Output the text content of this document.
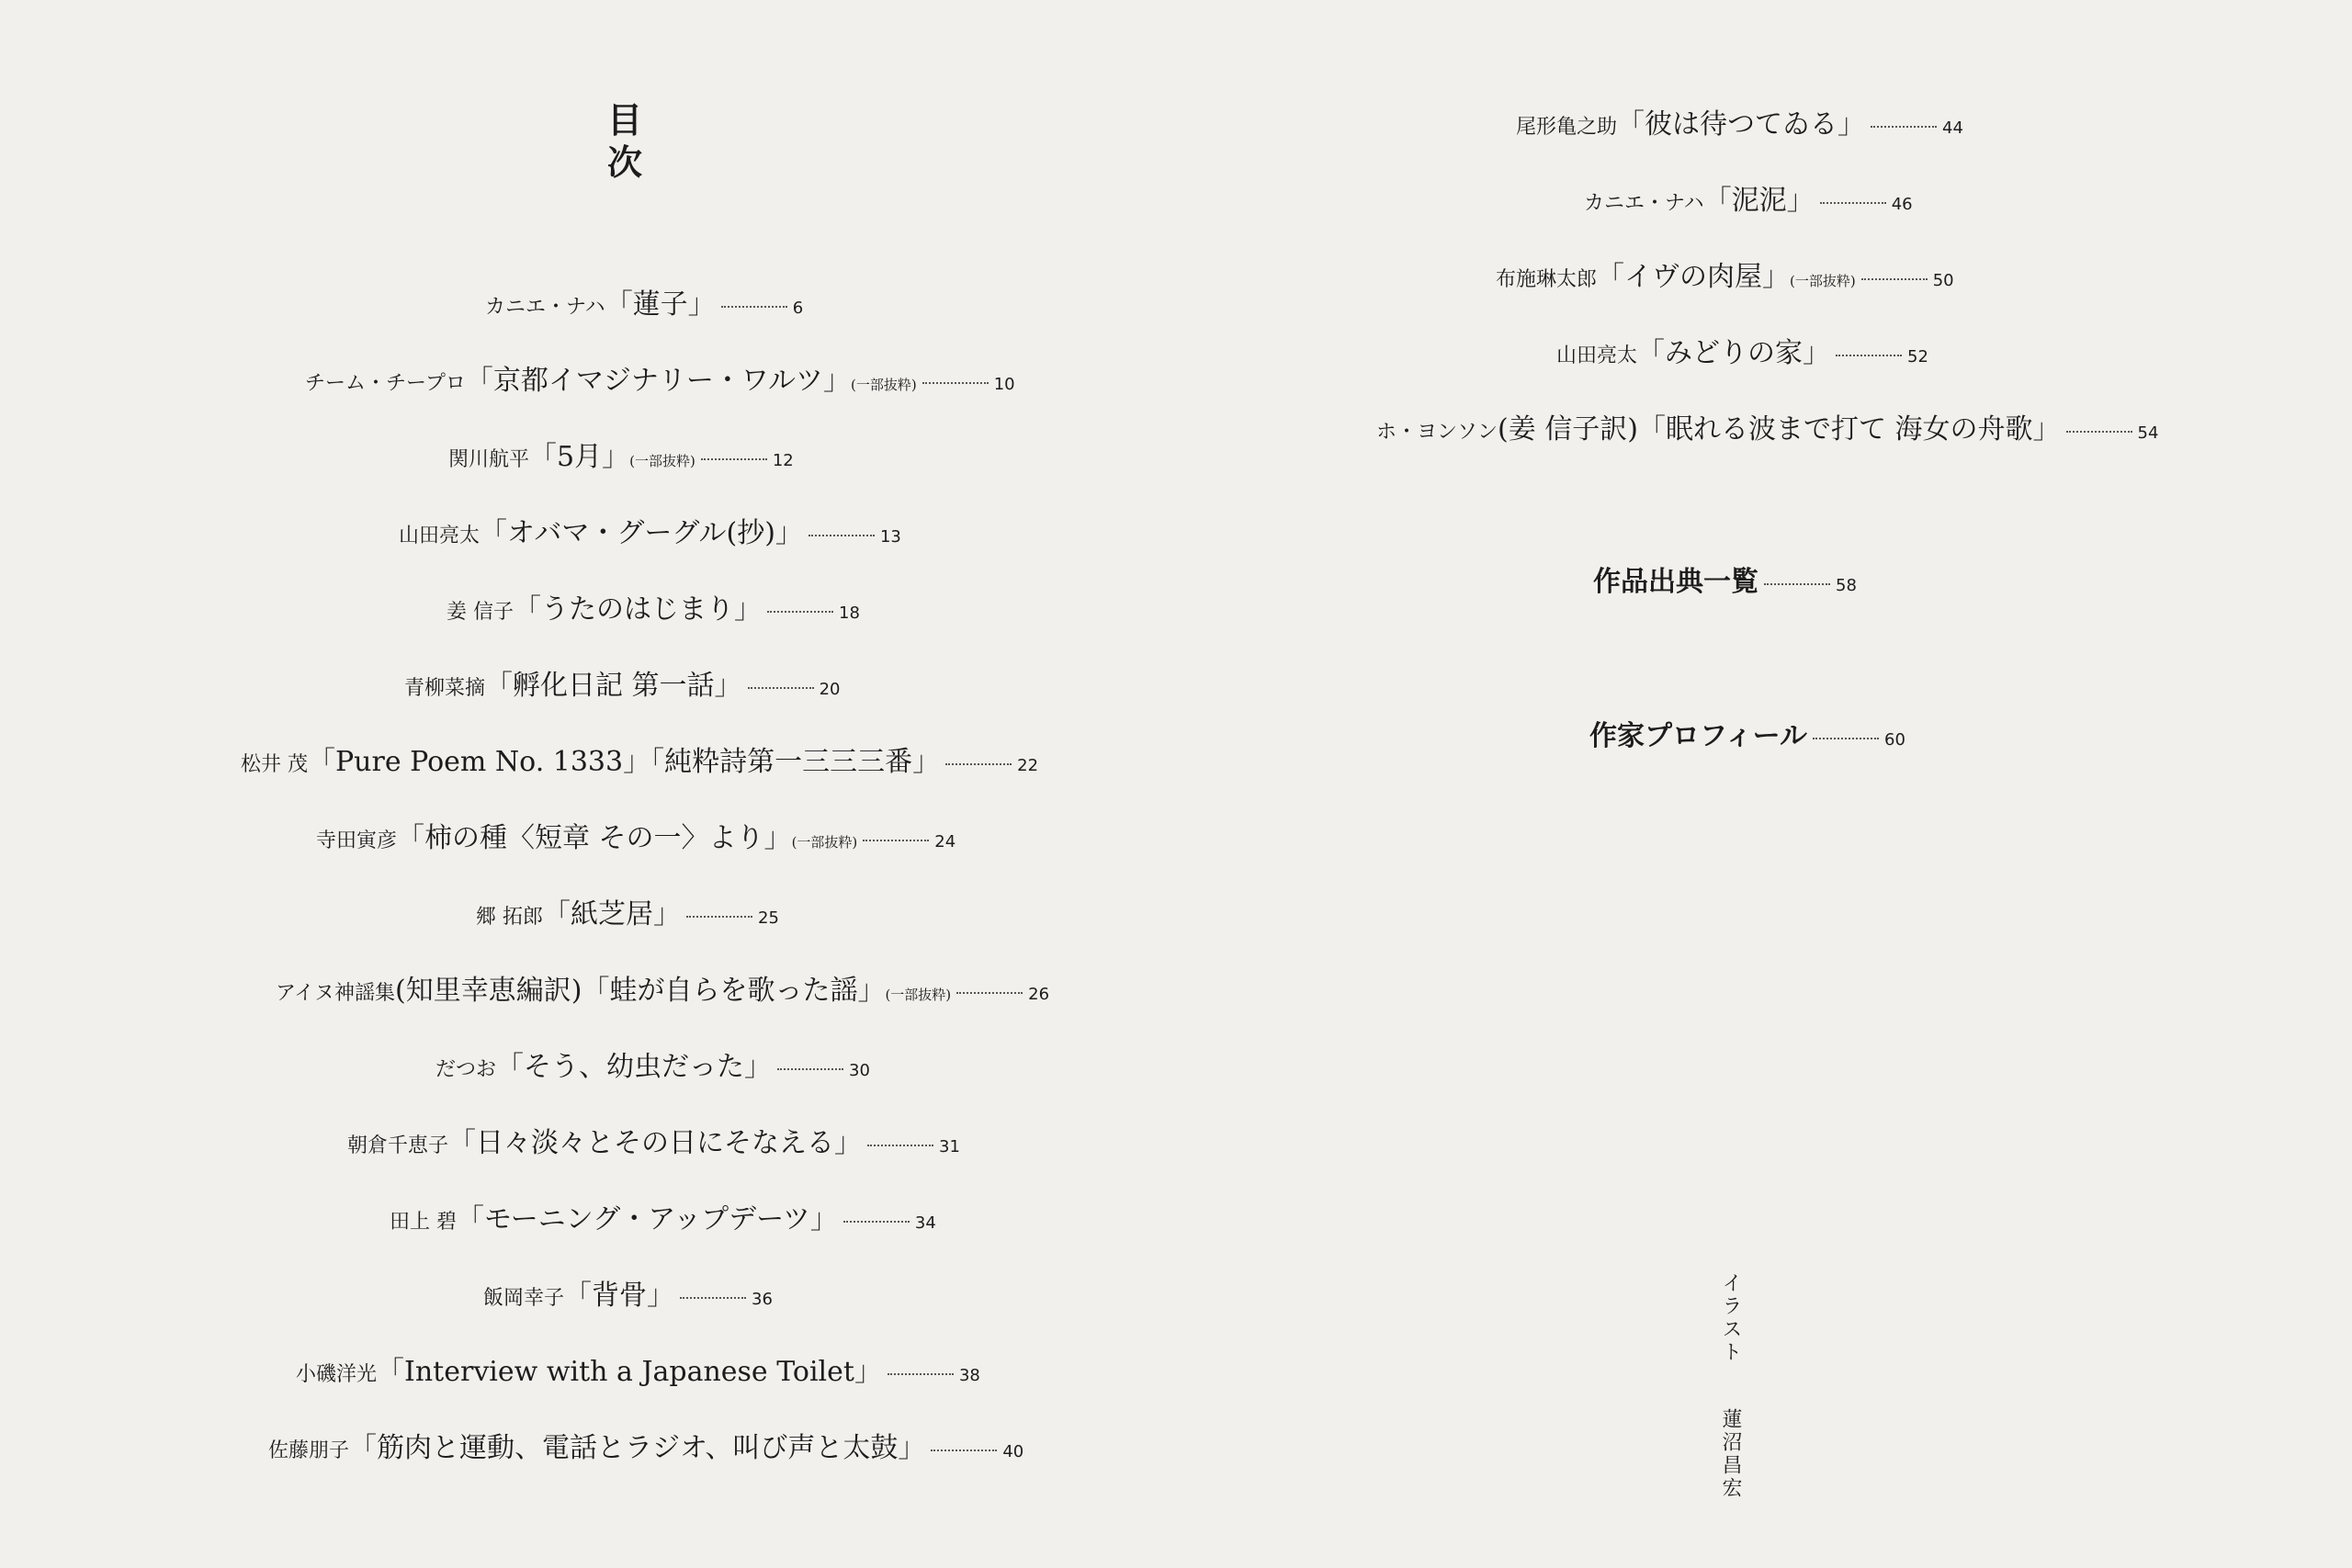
目
次
カニエ・ナハ 「蓮子」	6
チーム・チープロ 「京都イマジナリー・ワルツ」 (一部抜粋)	10
関川航平 「5月」 (一部抜粋)	12
山田亮太 「オバマ・グーグル(抄)」	13
姜 信子 「うたのはじまり」	18
青柳菜摘 「孵化日記 第一話」	20
松井 茂 「Pure Poem No. 1333」「純粋詩第一三三三番」	22
寺田寅彦 「柿の種〈短章 その一〉より」 (一部抜粋)	24
郷 拓郎 「紙芝居」	25
アイヌ神謡集 (知里幸恵編訳)「蛙が自らを歌った謡」 (一部抜粋)	26
だつお 「そう、幼虫だった」	30
朝倉千恵子 「日々淡々とその日にそなえる」	31
田上 碧 「モーニング・アップデーツ」	34
飯岡幸子 「背骨」	36
小磯洋光 「Interview with a Japanese Toilet」	38
佐藤朋子 「筋肉と運動、電話とラジオ、叫び声と太鼓」	40
尾形亀之助 「彼は待つてゐる」	44
カニエ・ナハ 「泥泥」	46
布施琳太郎 「イヴの肉屋」 (一部抜粋)	50
山田亮太 「みどりの家」	52
ホ・ヨンソン (姜 信子訳)「眠れる波まで打て 海女の舟歌」	54
作品出典一覧	58
作家プロフィール	60
イラスト  蓮沼昌宏
